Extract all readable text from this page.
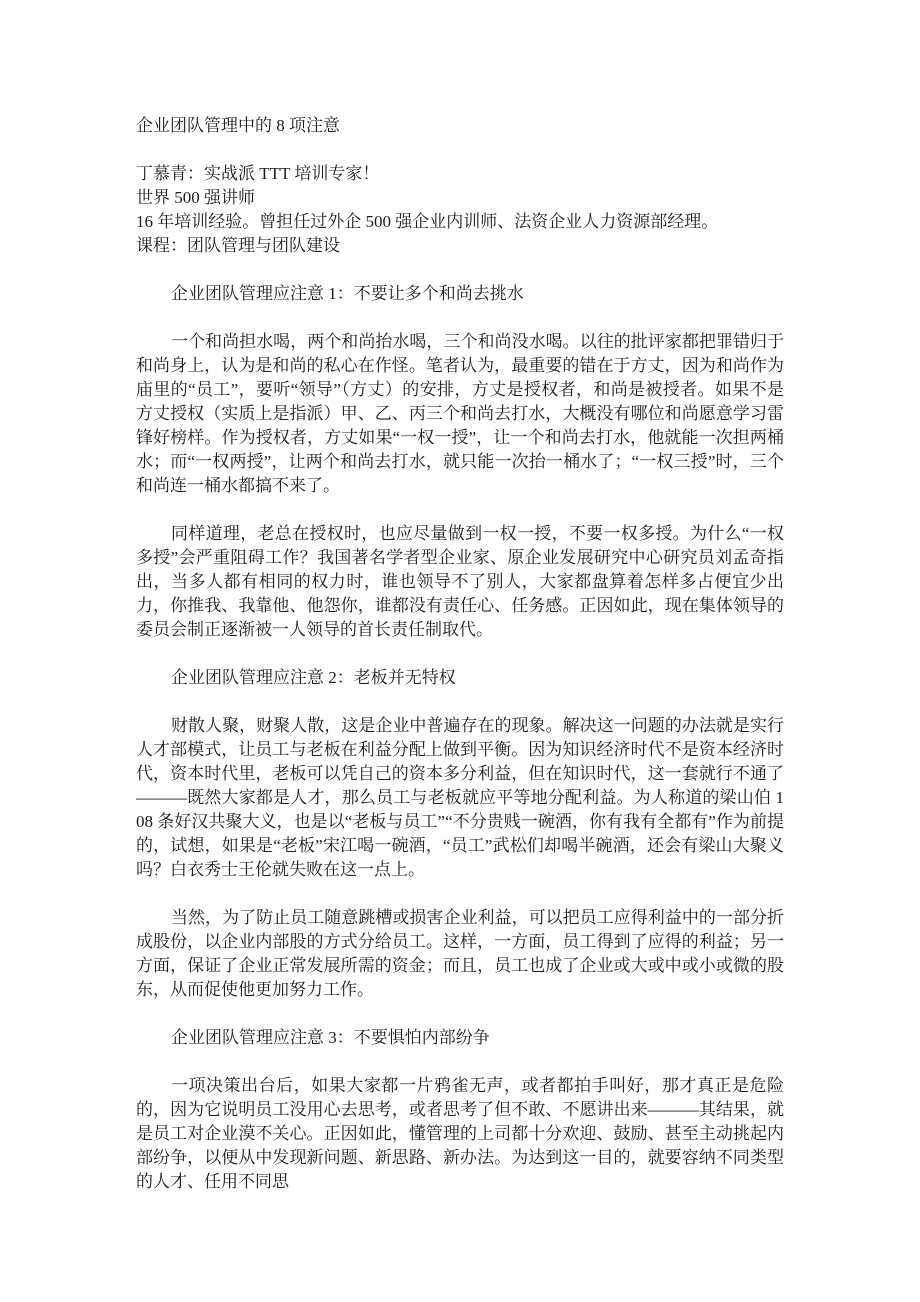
企业团队管理中的 8 项注意
丁慕青：实战派 TTT 培训专家！
世界 500 强讲师
16 年培训经验。曾担任过外企 500 强企业内训师、法资企业人力资源部经理。
课程：团队管理与团队建设
企业团队管理应注意 1：不要让多个和尚去挑水
一个和尚担水喝，两个和尚抬水喝，三个和尚没水喝。以往的批评家都把罪错归于和尚身上，认为是和尚的私心在作怪。笔者认为，最重要的错在于方丈，因为和尚作为庙里的“员工”，要听“领导”（方丈）的安排，方丈是授权者，和尚是被授者。如果不是方丈授权（实质上是指派）甲、乙、丙三个和尚去打水，大概没有哪位和尚愿意学习雷锋好榜样。作为授权者，方丈如果“一权一授”，让一个和尚去打水，他就能一次担两桶水；而“一权两授”，让两个和尚去打水，就只能一次抬一桶水了；“一权三授”时，三个和尚连一桶水都搞不来了。
同样道理，老总在授权时，也应尽量做到一权一授，不要一权多授。为什么“一权多授”会严重阻碍工作？我国著名学者型企业家、原企业发展研究中心研究员刘孟奇指出，当多人都有相同的权力时，谁也领导不了别人，大家都盘算着怎样多占便宜少出力，你推我、我靠他、他怨你，谁都没有责任心、任务感。正因如此，现在集体领导的委员会制正逐渐被一人领导的首长责任制取代。
企业团队管理应注意 2：老板并无特权
财散人聚，财聚人散，这是企业中普遍存在的现象。解决这一问题的办法就是实行人才部模式，让员工与老板在利益分配上做到平衡。因为知识经济时代不是资本经济时代，资本时代里，老板可以凭自己的资本多分利益，但在知识时代，这一套就行不通了———既然大家都是人才，那么员工与老板就应平等地分配利益。为人称道的梁山伯 108 条好汉共聚大义，也是以“老板与员工”“不分贵贱一碗酒，你有我有全都有”作为前提的，试想，如果是“老板”宋江喝一碗酒，“员工”武松们却喝半碗酒，还会有梁山大聚义吗？白衣秀士王伦就失败在这一点上。
当然，为了防止员工随意跳槽或损害企业利益，可以把员工应得利益中的一部分折成股份，以企业内部股的方式分给员工。这样，一方面，员工得到了应得的利益；另一方面，保证了企业正常发展所需的资金；而且，员工也成了企业或大或中或小或微的股东，从而促使他更加努力工作。
企业团队管理应注意 3：不要惧怕内部纷争
一项决策出台后，如果大家都一片鸦雀无声，或者都拍手叫好，那才真正是危险的，因为它说明员工没用心去思考，或者思考了但不敢、不愿讲出来———其结果，就是员工对企业漠不关心。正因如此，懂管理的上司都十分欢迎、鼓励、甚至主动挑起内部纷争，以便从中发现新问题、新思路、新办法。为达到这一目的，就要容纳不同类型的人才、任用不同思
